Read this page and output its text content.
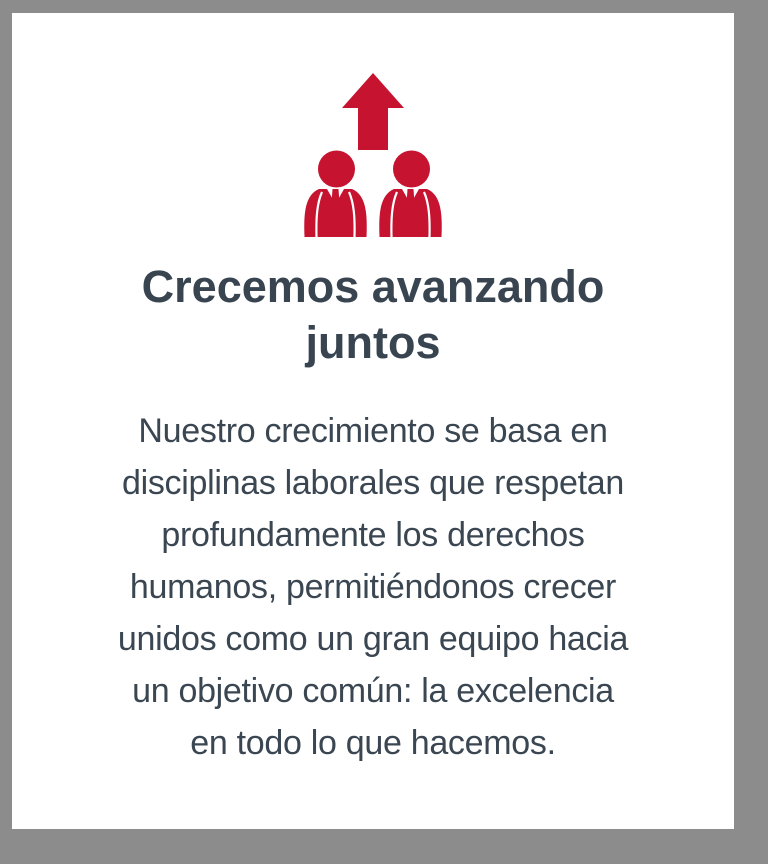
Crecemos avanzando
juntos
Nuestro crecimiento se basa en
disciplinas laborales que respetan
profundamente los derechos
humanos, permitiéndonos crecer
unidos como un gran equipo hacia
un objetivo común: la excelencia
en todo lo que hacemos.
